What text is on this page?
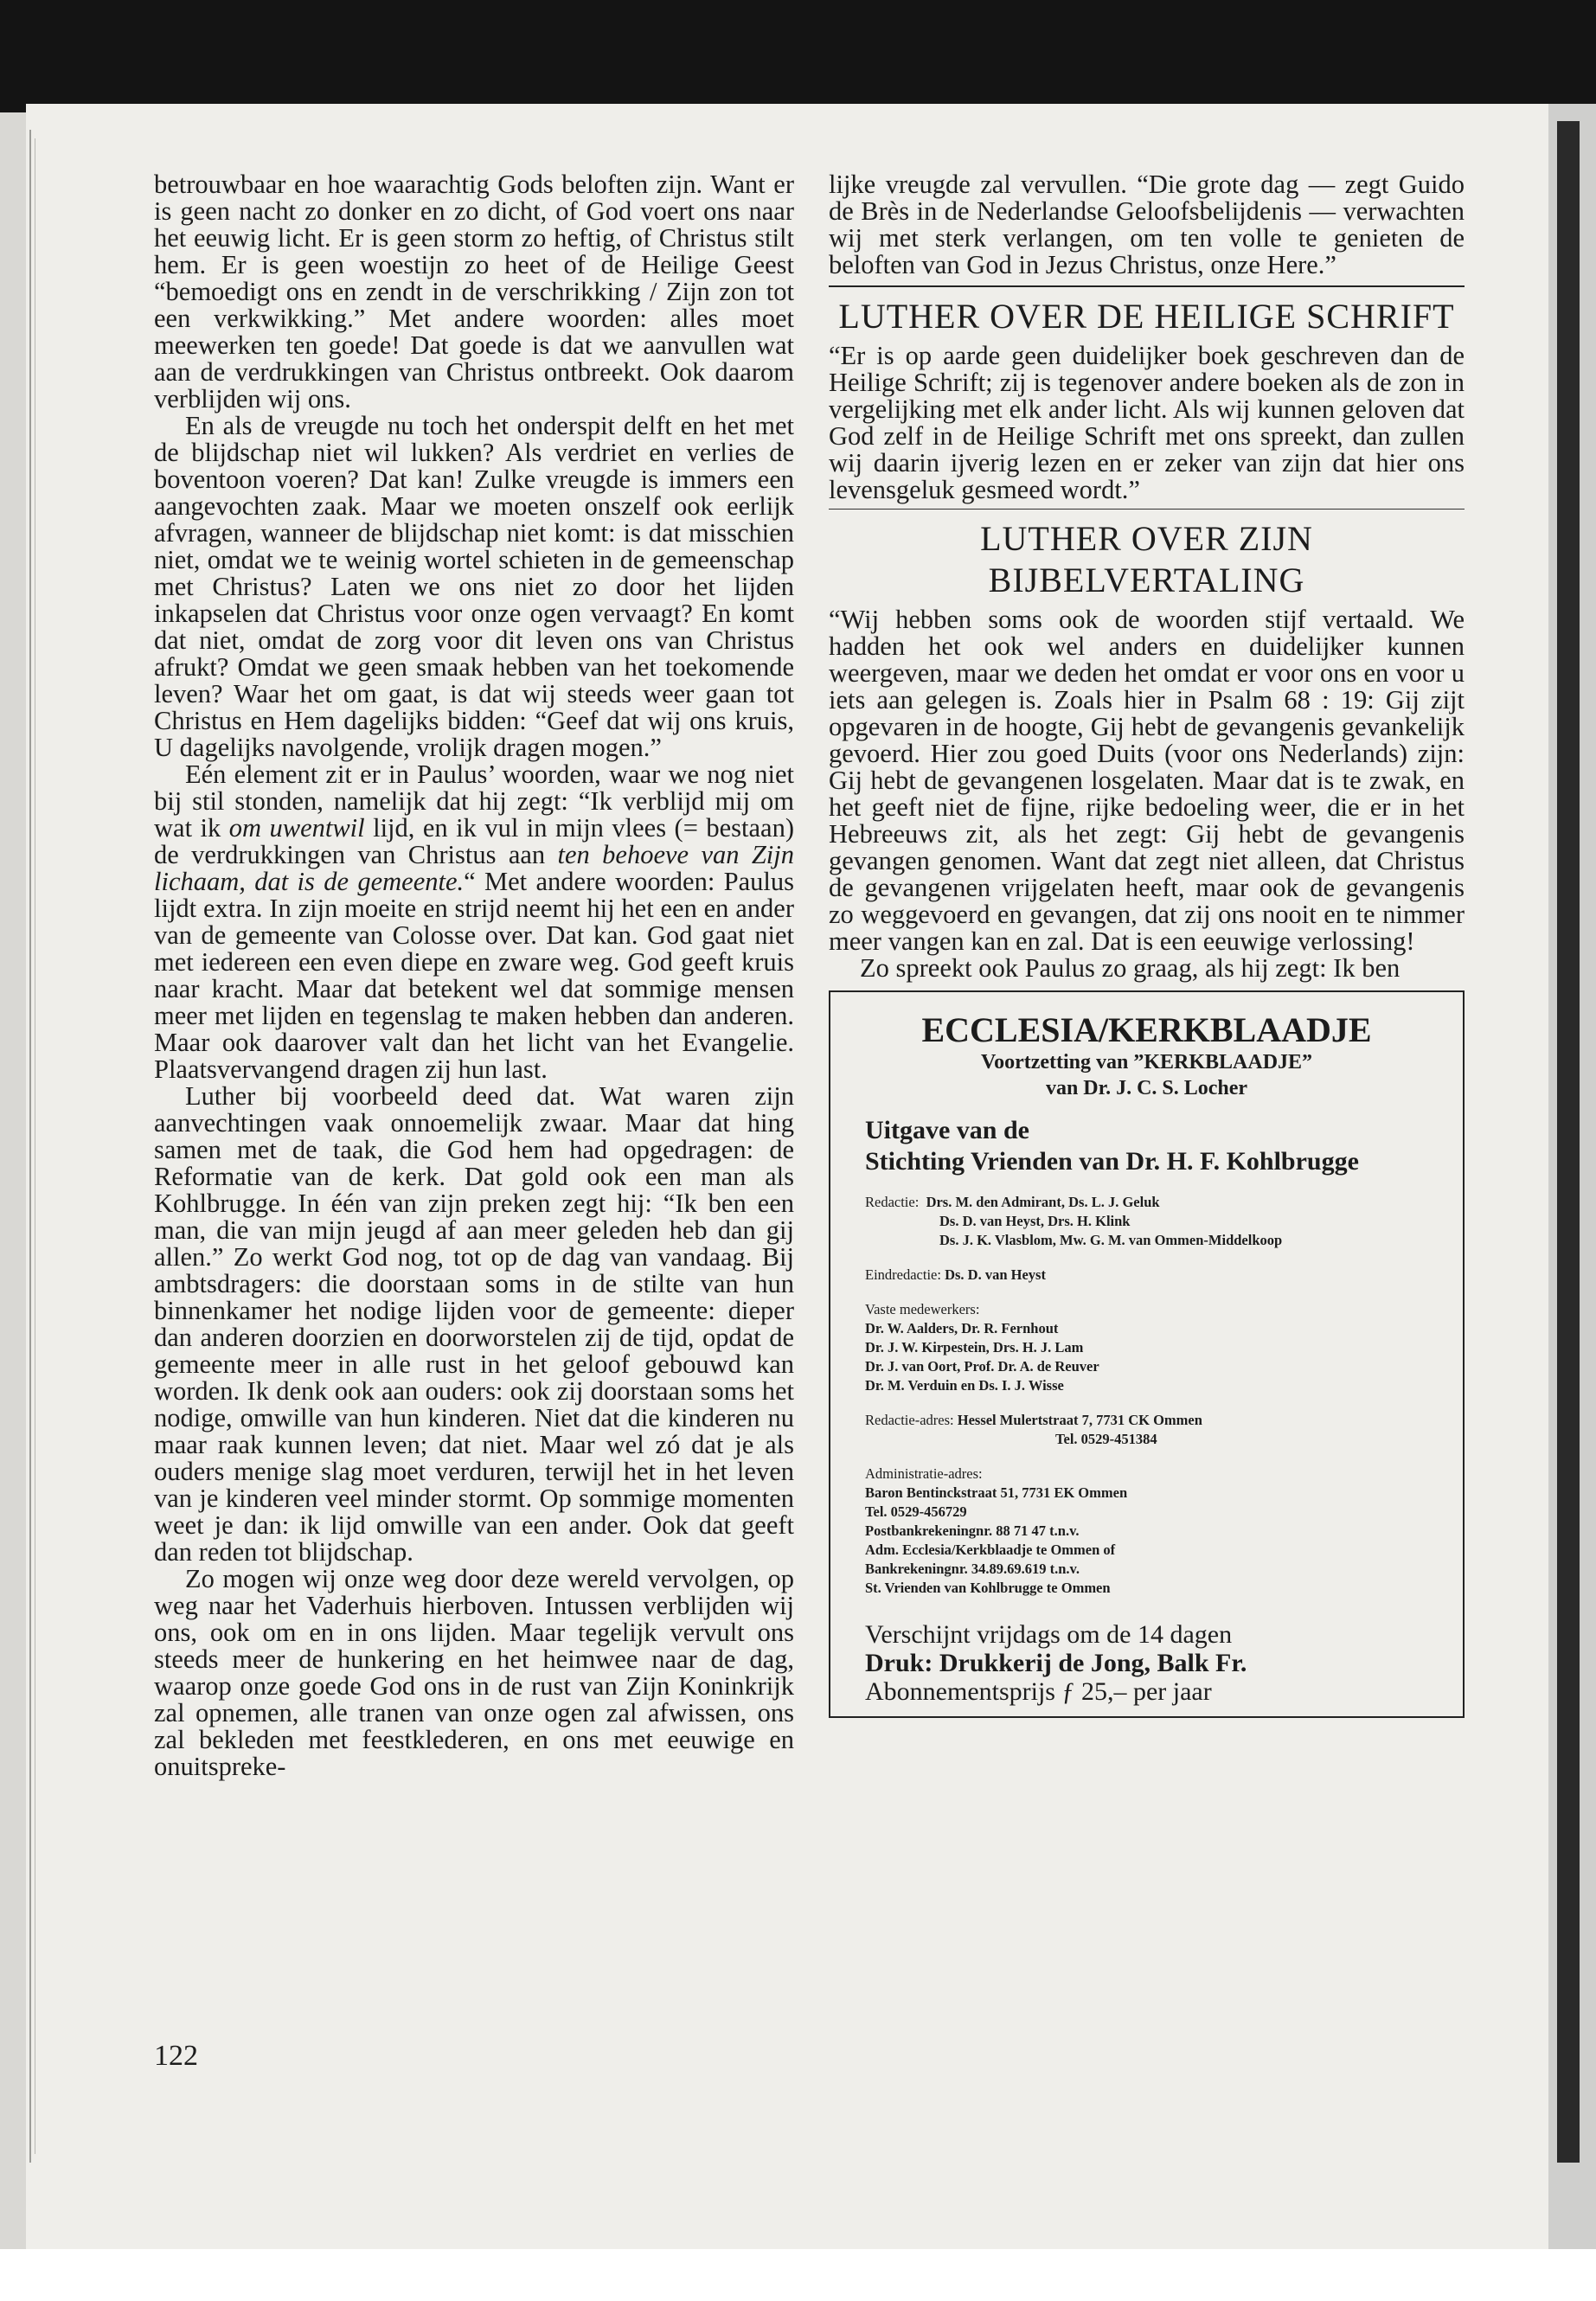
betrouwbaar en hoe waarachtig Gods beloften zijn. Want er is geen nacht zo donker en zo dicht, of God voert ons naar het eeuwig licht. Er is geen storm zo heftig, of Christus stilt hem. Er is geen woestijn zo heet of de Heilige Geest “bemoedigt ons en zendt in de verschrikking / Zijn zon tot een verkwikking.” Met andere woorden: alles moet meewerken ten goede! Dat goede is dat we aanvullen wat aan de verdrukkingen van Christus ontbreekt. Ook daarom verblijden wij ons.

En als de vreugde nu toch het onderspit delft en het met de blijdschap niet wil lukken? Als verdriet en verlies de boventoon voeren? Dat kan! Zulke vreugde is immers een aangevochten zaak. Maar we moeten onszelf ook eerlijk afvragen, wanneer de blijdschap niet komt: is dat misschien niet, omdat we te weinig wortel schieten in de gemeenschap met Christus? Laten we ons niet zo door het lijden inkapselen dat Christus voor onze ogen vervaagt? En komt dat niet, omdat de zorg voor dit leven ons van Christus afrukt? Omdat we geen smaak hebben van het toekomende leven? Waar het om gaat, is dat wij steeds weer gaan tot Christus en Hem dagelijks bidden: “Geef dat wij ons kruis, U dagelijks navolgende, vrolijk dragen mogen.”

Eén element zit er in Paulus’ woorden, waar we nog niet bij stil stonden, namelijk dat hij zegt: “Ik verblijd mij om wat ik om uwentwil lijd, en ik vul in mijn vlees (= bestaan) de verdrukkingen van Christus aan ten behoeve van Zijn lichaam, dat is de gemeente.“ Met andere woorden: Paulus lijdt extra. In zijn moeite en strijd neemt hij het een en ander van de gemeente van Colosse over. Dat kan. God gaat niet met iedereen een even diepe en zware weg. God geeft kruis naar kracht. Maar dat betekent wel dat sommige mensen meer met lijden en tegenslag te maken hebben dan anderen. Maar ook daarover valt dan het licht van het Evangelie. Plaatsvervangend dragen zij hun last.

Luther bij voorbeeld deed dat. Wat waren zijn aanvechtingen vaak onnoemelijk zwaar. Maar dat hing samen met de taak, die God hem had opgedragen: de Reformatie van de kerk. Dat gold ook een man als Kohlbrugge. In één van zijn preken zegt hij: “Ik ben een man, die van mijn jeugd af aan meer geleden heb dan gij allen.” Zo werkt God nog, tot op de dag van vandaag. Bij ambtsdragers: die doorstaan soms in de stilte van hun binnenkamer het nodige lijden voor de gemeente: dieper dan anderen doorzien en doorworstelen zij de tijd, opdat de gemeente meer in alle rust in het geloof gebouwd kan worden. Ik denk ook aan ouders: ook zij doorstaan soms het nodige, omwille van hun kinderen. Niet dat die kinderen nu maar raak kunnen leven; dat niet. Maar wel zó dat je als ouders menige slag moet verduren, terwijl het in het leven van je kinderen veel minder stormt. Op sommige momenten weet je dan: ik lijd omwille van een ander. Ook dat geeft dan reden tot blijdschap.

Zo mogen wij onze weg door deze wereld vervolgen, op weg naar het Vaderhuis hierboven. Intussen verblijden wij ons, ook om en in ons lijden. Maar tegelijk vervult ons steeds meer de hunkering en het heimwee naar de dag, waarop onze goede God ons in de rust van Zijn Koninkrijk zal opnemen, alle tranen van onze ogen zal afwissen, ons zal bekleden met feestklederen, en ons met eeuwige en onuitspreke-

122

lijke vreugde zal vervullen. “Die grote dag — zegt Guido de Brès in de Nederlandse Geloofsbelijdenis — verwachten wij met sterk verlangen, om ten volle te genieten de beloften van God in Jezus Christus, onze Here.”

LUTHER OVER DE HEILIGE SCHRIFT

“Er is op aarde geen duidelijker boek geschreven dan de Heilige Schrift; zij is tegenover andere boeken als de zon in vergelijking met elk ander licht. Als wij kunnen geloven dat God zelf in de Heilige Schrift met ons spreekt, dan zullen wij daarin ijverig lezen en er zeker van zijn dat hier ons levensgeluk gesmeed wordt.”

LUTHER OVER ZIJN BIJBELVERTALING

“Wij hebben soms ook de woorden stijf vertaald. We hadden het ook wel anders en duidelijker kunnen weergeven, maar we deden het omdat er voor ons en voor u iets aan gelegen is. Zoals hier in Psalm 68 : 19: Gij zijt opgevaren in de hoogte, Gij hebt de gevangenis gevankelijk gevoerd. Hier zou goed Duits (voor ons Nederlands) zijn: Gij hebt de gevangenen losgelaten. Maar dat is te zwak, en het geeft niet de fijne, rijke bedoeling weer, die er in het Hebreeuws zit, als het zegt: Gij hebt de gevangenis gevangen genomen. Want dat zegt niet alleen, dat Christus de gevangenen vrijgelaten heeft, maar ook de gevangenis zo weggevoerd en gevangen, dat zij ons nooit en te nimmer meer vangen kan en zal. Dat is een eeuwige verlossing!

Zo spreekt ook Paulus zo graag, als hij zegt: Ik ben

ECCLESIA/KERKBLAADJE
Voortzetting van ”KERKBLAADJE”
van Dr. J. C. S. Locher
Uitgave van de
Stichting Vrienden van Dr. H. F. Kohlbrugge
Redactie: Drs. M. den Admirant, Ds. L. J. Geluk
Ds. D. van Heyst, Drs. H. Klink
Ds. J. K. Vlasblom, Mw. G. M. van Ommen-Middelkoop
Eindredactie: Ds. D. van Heyst
Vaste medewerkers:
Dr. W. Aalders, Dr. R. Fernhout
Dr. J. W. Kirpestein, Drs. H. J. Lam
Dr. J. van Oort, Prof. Dr. A. de Reuver
Dr. M. Verduin en Ds. I. J. Wisse
Redactie-adres: Hessel Mulertstraat 7, 7731 CK Ommen
Tel. 0529-451384
Administratie-adres:
Baron Bentinckstraat 51, 7731 EK Ommen
Tel. 0529-456729
Postbankrekeningnr. 88 71 47 t.n.v.
Adm. Ecclesia/Kerkblaadje te Ommen of
Bankrekeningnr. 34.89.69.619 t.n.v.
St. Vrienden van Kohlbrugge te Ommen
Verschijnt vrijdags om de 14 dagen
Druk: Drukkerij de Jong, Balk Fr.
Abonnementsprijs ƒ 25,– per jaar
